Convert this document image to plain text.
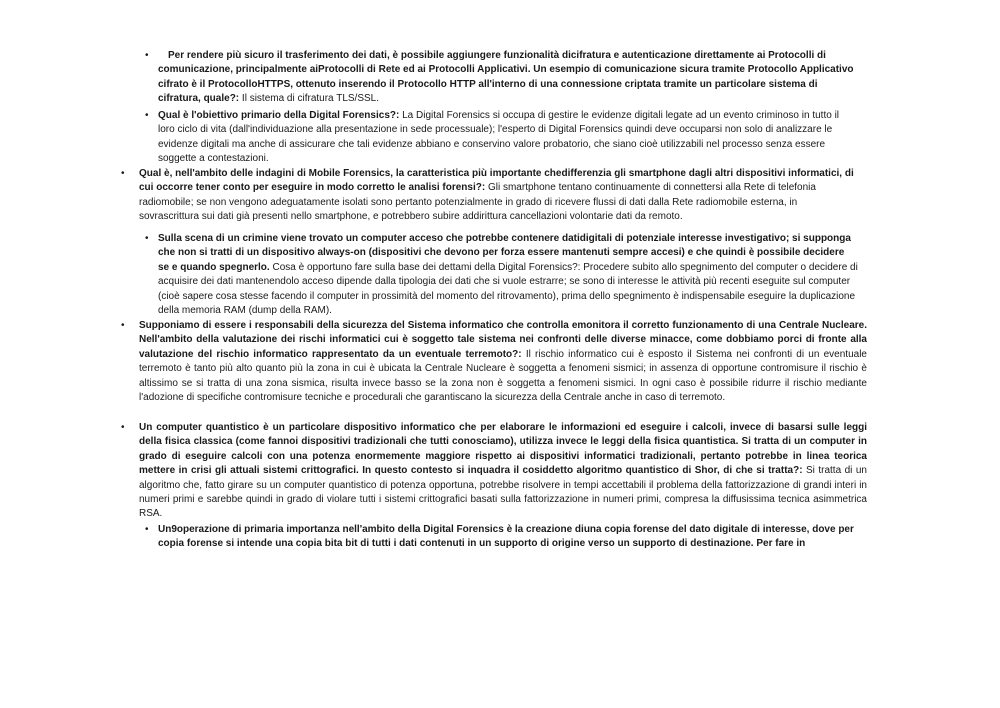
•	Per rendere più sicuro il trasferimento dei dati, è possibile aggiungere funzionalità dicifratura e autenticazione direttamente ai Protocolli di comunicazione, principalmente aiProtocolli di Rete ed ai Protocolli Applicativi. Un esempio di comunicazione sicura tramite Protocollo Applicativo cifrato è il ProtocolloHTTPS, ottenuto inserendo il Protocollo HTTP all'interno di una connessione criptata tramite un particolare sistema di cifratura, quale?: Il sistema di cifratura TLS/SSL.
• Qual è l'obiettivo primario della Digital Forensics?: La Digital Forensics si occupa di gestire le evidenze digitali legate ad un evento criminoso in tutto il loro ciclo di vita (dall'individuazione alla presentazione in sede processuale); l'esperto di Digital Forensics quindi deve occuparsi non solo di analizzare le evidenze digitali ma anche di assicurare che tali evidenze abbiano e conservino valore probatorio, che siano cioè utilizzabili nel processo senza essere soggette a contestazioni.
• Qual è, nell'ambito delle indagini di Mobile Forensics, la caratteristica più importante chedifferenzia gli smartphone dagli altri dispositivi informatici, di cui occorre tener conto per eseguire in modo corretto le analisi forensi?: Gli smartphone tentano continuamente di connettersi alla Rete di telefonia radiomobile; se non vengono adeguatamente isolati sono pertanto potenzialmente in grado di ricevere flussi di dati dalla Rete radiomobile esterna, in sovrascrittura sui dati già presenti nello smartphone, e potrebbero subire addirittura cancellazioni volontarie dati da remoto.
• Sulla scena di un crimine viene trovato un computer acceso che potrebbe contenere datidigitali di potenziale interesse investigativo; si supponga che non si tratti di un dispositivo always-on (dispositivi che devono per forza essere mantenuti sempre accesi) e che quindi è possibile decidere se e quando spegnerlo. Cosa è opportuno fare sulla base dei dettami della Digital Forensics?: Procedere subito allo spegnimento del computer o decidere di acquisire dei dati mantenendolo acceso dipende dalla tipologia dei dati che si vuole estrarre; se sono di interesse le attività più recenti eseguite sul computer (cioè sapere cosa stesse facendo il computer in prossimità del momento del ritrovamento), prima dello spegnimento è indispensabile eseguire la duplicazione della memoria RAM (dump della RAM).
• Supponiamo di essere i responsabili della sicurezza del Sistema informatico che controlla emonitora il corretto funzionamento di una Centrale Nucleare. Nell'ambito della valutazione dei rischi informatici cui è soggetto tale sistema nei confronti delle diverse minacce, come dobbiamo porci di fronte alla valutazione del rischio informatico rappresentato da un eventuale terremoto?: Il rischio informatico cui è esposto il Sistema nei confronti di un eventuale terremoto è tanto più alto quanto più la zona in cui è ubicata la Centrale Nucleare è soggetta a fenomeni sismici; in assenza di opportune contromisure il rischio è altissimo se si tratta di una zona sismica, risulta invece basso se la zona non è soggetta a fenomeni sismici. In ogni caso è possibile ridurre il rischio mediante l'adozione di specifiche contromisure tecniche e procedurali che garantiscano la sicurezza della Centrale anche in caso di terremoto.
• Un computer quantistico è un particolare dispositivo informatico che per elaborare le informazioni ed eseguire i calcoli, invece di basarsi sulle leggi della fisica classica (come fannoi dispositivi tradizionali che tutti conosciamo), utilizza invece le leggi della fisica quantistica. Si tratta di un computer in grado di eseguire calcoli con una potenza enormemente maggiore rispetto ai dispositivi informatici tradizionali, pertanto potrebbe in linea teorica mettere in crisi gli attuali sistemi crittografici. In questo contesto si inquadra il cosiddetto algoritmo quantistico di Shor, di che si tratta?: Si tratta di un algoritmo che, fatto girare su un computer quantistico di potenza opportuna, potrebbe risolvere in tempi accettabili il problema della fattorizzazione di grandi interi in numeri primi e sarebbe quindi in grado di violare tutti i sistemi crittografici basati sulla fattorizzazione in numeri primi, compresa la diffusissima tecnica asimmetrica RSA.
• Un9operazione di primaria importanza nell'ambito della Digital Forensics è la creazione diuna copia forense del dato digitale di interesse, dove per copia forense si intende una copia bita bit di tutti i dati contenuti in un supporto di origine verso un supporto di destinazione. Per fare in
